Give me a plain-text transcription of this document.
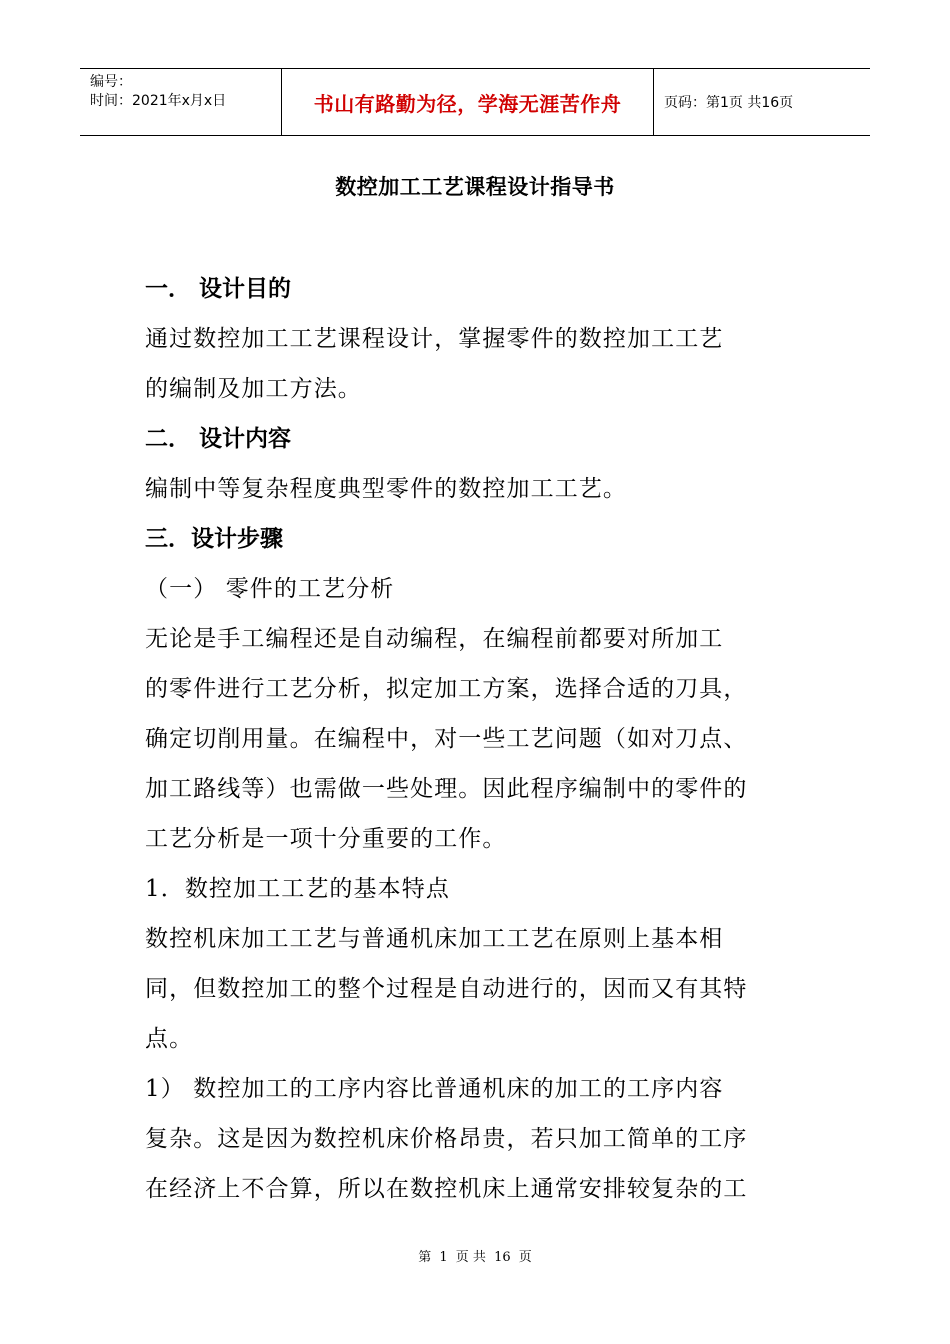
编号：
时间：2021年x月x日	书山有路勤为径，学海无涯苦作舟	页码：第1页 共16页
数控加工工艺课程设计指导书
一． 设计目的
通过数控加工工艺课程设计，掌握零件的数控加工工艺
的编制及加工方法。
二． 设计内容
编制中等复杂程度典型零件的数控加工工艺。
三．设计步骤
（一） 零件的工艺分析
无论是手工编程还是自动编程，在编程前都要对所加工
的零件进行工艺分析，拟定加工方案，选择合适的刀具，
确定切削用量。在编程中，对一些工艺问题（如对刀点、
加工路线等）也需做一些处理。因此程序编制中的零件的
工艺分析是一项十分重要的工作。
1．数控加工工艺的基本特点
数控机床加工工艺与普通机床加工工艺在原则上基本相
同，但数控加工的整个过程是自动进行的，因而又有其特
点。
1） 数控加工的工序内容比普通机床的加工的工序内容
复杂。这是因为数控机床价格昂贵，若只加工简单的工序
在经济上不合算，所以在数控机床上通常安排较复杂的工
第 1 页 共 16 页
